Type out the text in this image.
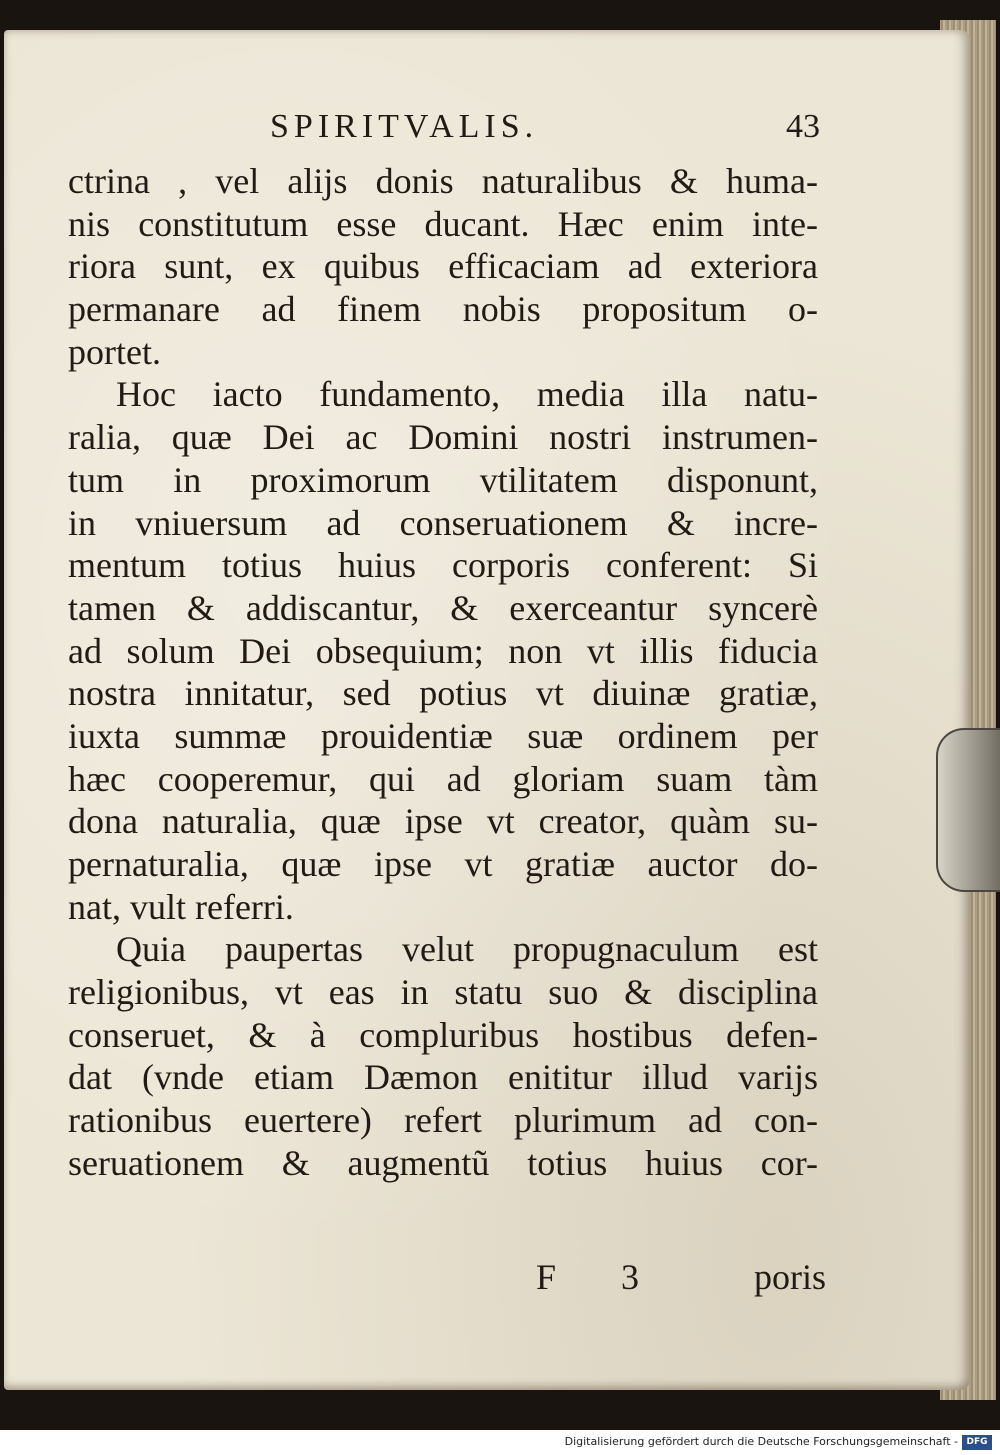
SPIRITVALIS.	43
ctrina , vel alijs donis naturalibus & huma-
nis constitutum esse ducant. Hæc enim inte-
riora sunt, ex quibus efficaciam ad exteriora
permanare ad finem nobis propositum o-
portet.
Hoc iacto fundamento, media illa natu-
ralia, quæ Dei ac Domini nostri instrumen-
tum in proximorum vtilitatem disponunt,
in vniuersum ad conseruationem & incre-
mentum totius huius corporis conferent: Si
tamen & addiscantur, & exerceantur syncerè
ad solum Dei obsequium; non vt illis fiducia
nostra innitatur, sed potius vt diuinæ gratiæ,
iuxta summæ prouidentiæ suæ ordinem per
hæc cooperemur, qui ad gloriam suam tàm
dona naturalia, quæ ipse vt creator, quàm su-
pernaturalia, quæ ipse vt gratiæ auctor do-
nat, vult referri.
Quia paupertas velut propugnaculum est
religionibus, vt eas in statu suo & disciplina
conseruet, & à compluribus hostibus defen-
dat (vnde etiam Dæmon enititur illud varijs
rationibus euertere) refert plurimum ad con-
seruationem & augmentũ totius huius cor-
F 3 poris
Digitalisierung gefördert durch die Deutsche Forschungsgemeinschaft - DFG
